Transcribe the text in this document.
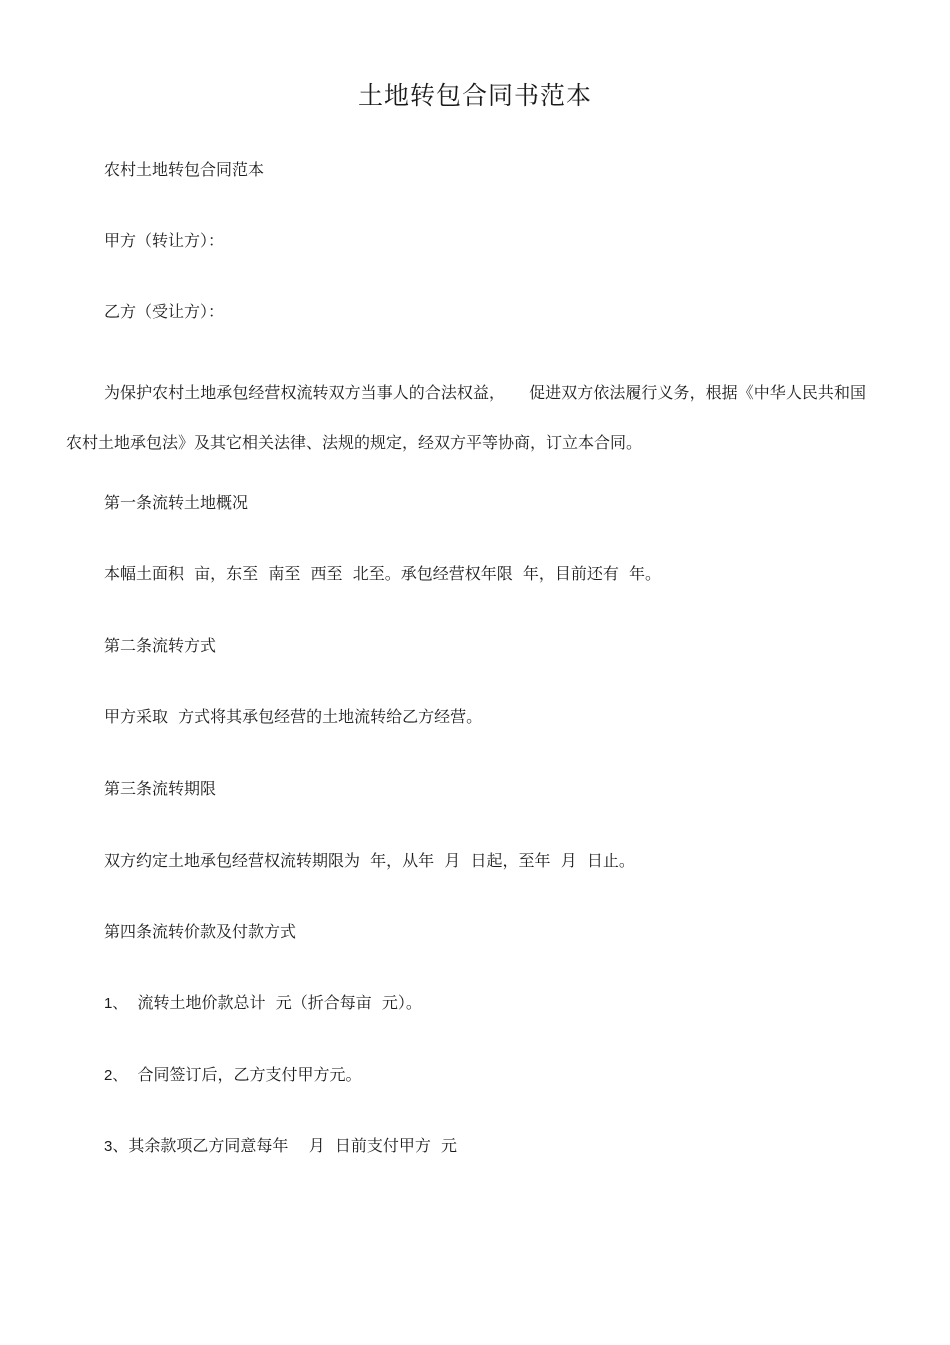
土地转包合同书范本
农村土地转包合同范本
甲方（转让方）：
乙方（受让方）：
为保护农村土地承包经营权流转双方当事人的合法权益，　　促进双方依法履行义务，根据《中华人民共和国农村土地承包法》及其它相关法律、法规的规定，经双方平等协商，订立本合同。
第一条流转土地概况
本幅土面积  亩，东至  南至  西至  北至。承包经营权年限  年，目前还有  年。
第二条流转方式
甲方采取  方式将其承包经营的土地流转给乙方经营。
第三条流转期限
双方约定土地承包经营权流转期限为  年，从年  月  日起，至年  月  日止。
第四条流转价款及付款方式
1、  流转土地价款总计  元（折合每亩  元）。
2、  合同签订后，乙方支付甲方元。
3、其余款项乙方同意每年    月  日前支付甲方  元
